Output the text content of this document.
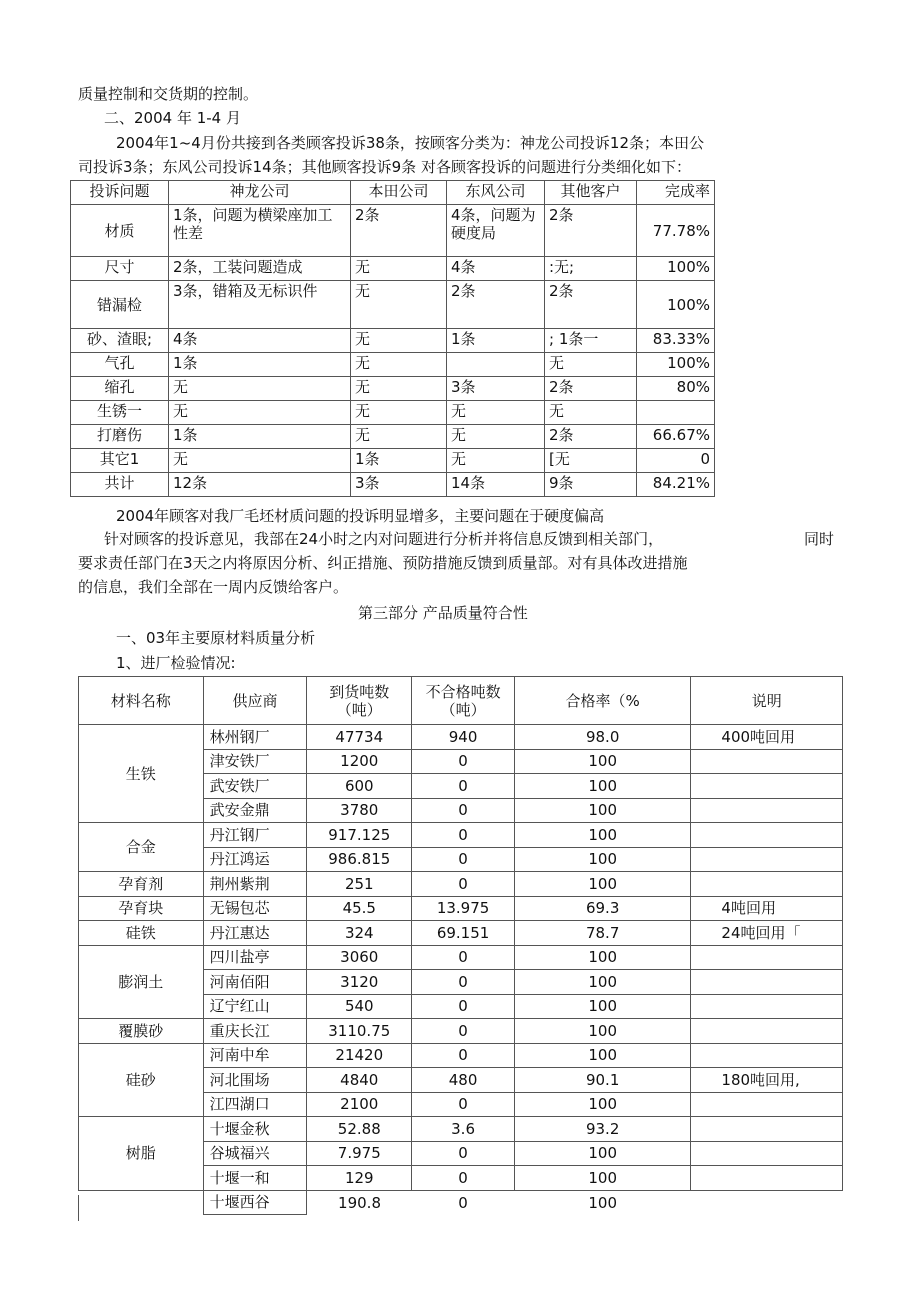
质量控制和交货期的控制。
二、2004 年 1-4 月
2004年1~4月份共接到各类顾客投诉38条，按顾客分类为：神龙公司投诉12条；本田公
司投诉3条；东风公司投诉14条；其他顾客投诉9条 对各顾客投诉的问题进行分类细化如下：
投诉问题	神龙公司	本田公司	东风公司	其他客户	完成率
材质	1条，问题为横梁座加工性差	2条	4条，问题为硬度局	2条	77.78%
尺寸	2条，工装问题造成	无	4条	:无;	100%
错漏检	3条，错箱及无标识件	无	2条	2条	100%
砂、渣眼;	4条	无	1条	; 1条一	83.33%
气孔	1条	无		无	100%
缩孔	无	无	3条	2条	80%
生锈一	无	无	无	无	
打磨伤	1条	无	无	2条	66.67%
其它1	无	1条	无	[无	0
共计	12条	3条	14条	9条	84.21%
2004年顾客对我厂毛坯材质问题的投诉明显增多，主要问题在于硬度偏高
针对顾客的投诉意见，我部在24小时之内对问题进行分析并将信息反馈到相关部门，	同时
要求责任部门在3天之内将原因分析、纠正措施、预防措施反馈到质量部。对有具体改进措施
的信息，我们全部在一周内反馈给客户。
第三部分 产品质量符合性
一、03年主要原材料质量分析
1、进厂检验情况:
材料名称	供应商	到货吨数（吨）	不合格吨数（吨）	合格率（%	说明
生铁	林州钢厂	47734	940	98.0	400吨回用
	津安铁厂	1200	0	100	
	武安铁厂	600	0	100	
	武安金鼎	3780	0	100	
合金	丹江钢厂	917.125	0	100	
	丹江鸿运	986.815	0	100	
孕育剂	荆州紫荆	251	0	100	
孕育块	无锡包芯	45.5	13.975	69.3	4吨回用
硅铁	丹江惠达	324	69.151	78.7	24吨回用「
膨润土	四川盐亭	3060	0	100	
	河南佰阳	3120	0	100	
	辽宁红山	540	0	100	
覆膜砂	重庆长江	3110.75	0	100	
硅砂	河南中牟	21420	0	100	
	河北围场	4840	480	90.1	180吨回用,
	江四湖口	2100	0	100	
树脂	十堰金秋	52.88	3.6	93.2	
	谷城福兴	7.975	0	100	
	十堰一和	129	0	100	
	十堰西谷	190.8	0	100	
